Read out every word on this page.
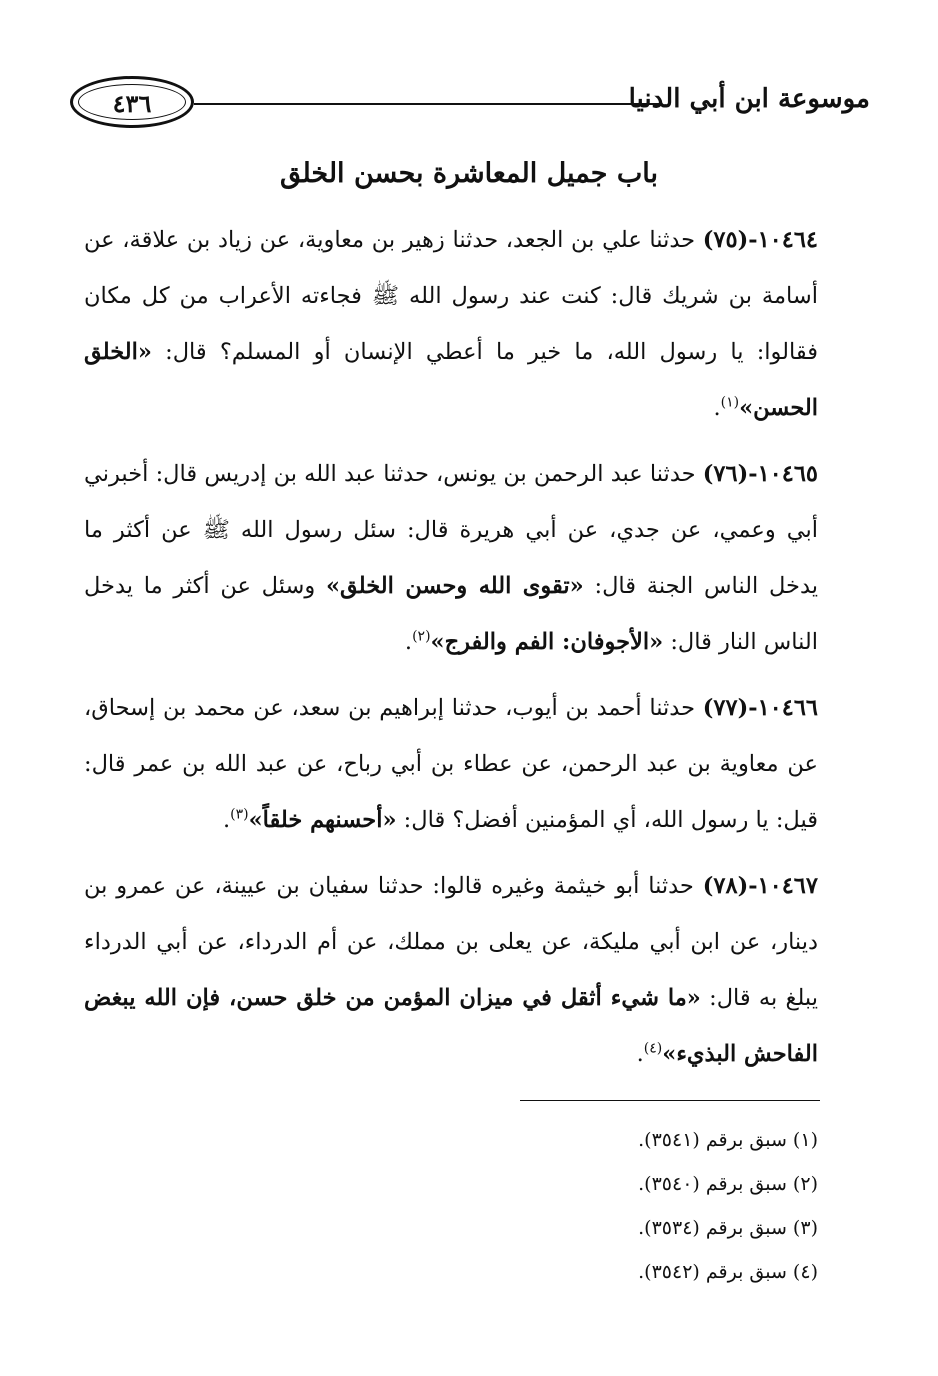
٤٣٦	موسوعة ابن أبي الدنيا
باب جميل المعاشرة بحسن الخلق

١٠٤٦٤-(٧٥) حدثنا علي بن الجعد، حدثنا زهير بن معاوية، عن زياد بن علاقة، عن أسامة بن شريك قال: كنت عند رسول الله ﷺ فجاءته الأعراب من كل مكان فقالوا: يا رسول الله، ما خير ما أعطي الإنسان أو المسلم؟ قال: «الخلق الحسن»$^{(١)}$.

١٠٤٦٥-(٧٦) حدثنا عبد الرحمن بن يونس، حدثنا عبد الله بن إدريس قال: أخبرني أبي وعمي، عن جدي، عن أبي هريرة قال: سئل رسول الله ﷺ عن أكثر ما يدخل الناس الجنة قال: «تقوى الله وحسن الخلق» وسئل عن أكثر ما يدخل الناس النار قال: «الأجوفان: الفم والفرج»$^{(٢)}$.

١٠٤٦٦-(٧٧) حدثنا أحمد بن أيوب، حدثنا إبراهيم بن سعد، عن محمد بن إسحاق، عن معاوية بن عبد الرحمن، عن عطاء بن أبي رباح، عن عبد الله بن عمر قال: قيل: يا رسول الله، أي المؤمنين أفضل؟ قال: «أحسنهم خلقاً»$^{(٣)}$.

١٠٤٦٧-(٧٨) حدثنا أبو خيثمة وغيره قالوا: حدثنا سفيان بن عيينة، عن عمرو بن دينار، عن ابن أبي مليكة، عن يعلى بن مملك، عن أم الدرداء، عن أبي الدرداء يبلغ به قال: «ما شيء أثقل في ميزان المؤمن من خلق حسن، فإن الله يبغض الفاحش البذيء»$^{(٤)}$.

(١) سبق برقم (٣٥٤١).

(٢) سبق برقم (٣٥٤٠).

(٣) سبق برقم (٣٥٣٤).

(٤) سبق برقم (٣٥٤٢).
